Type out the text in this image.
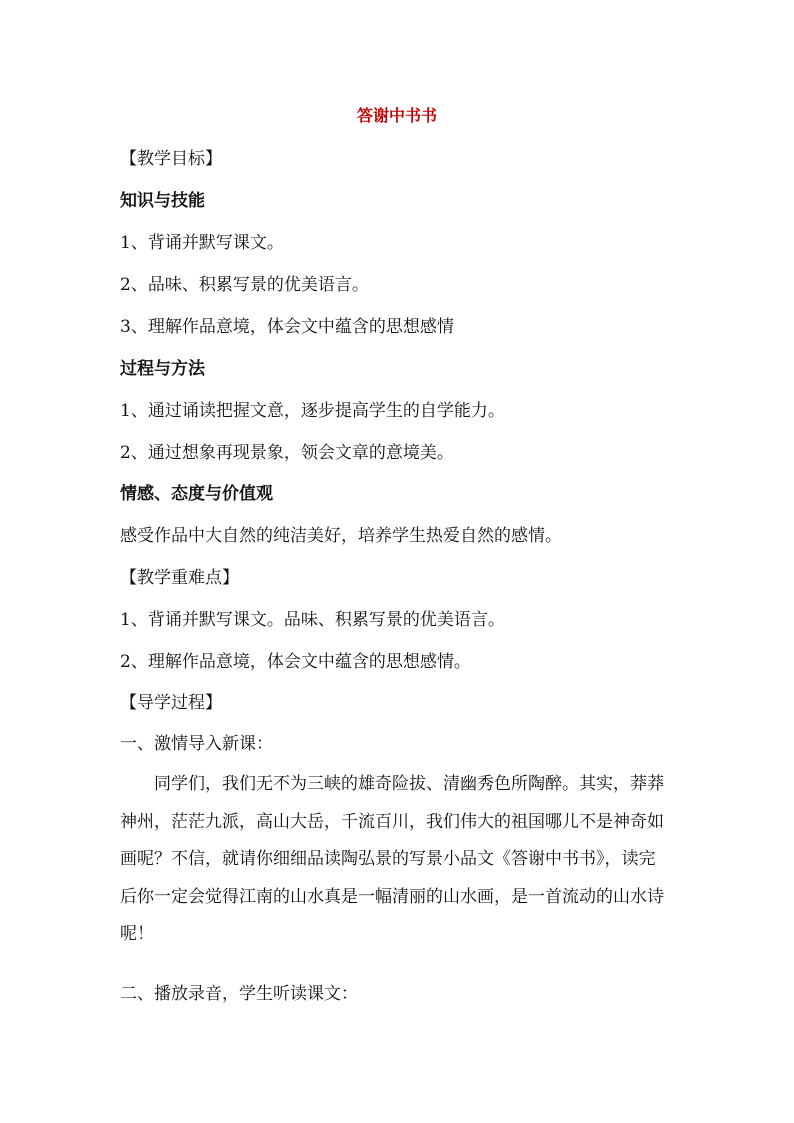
答谢中书书
【教学目标】
知识与技能
1、背诵并默写课文。
2、品味、积累写景的优美语言。
3、理解作品意境，体会文中蕴含的思想感情
过程与方法
1、通过诵读把握文意，逐步提高学生的自学能力。
2、通过想象再现景象，领会文章的意境美。
情感、态度与价值观
感受作品中大自然的纯洁美好，培养学生热爱自然的感情。
【教学重难点】
1、背诵并默写课文。品味、积累写景的优美语言。
2、理解作品意境，体会文中蕴含的思想感情。
【导学过程】
一、激情导入新课：
同学们，我们无不为三峡的雄奇险拔、清幽秀色所陶醉。其实，莽莽神州，茫茫九派，高山大岳，千流百川，我们伟大的祖国哪儿不是神奇如画呢？不信，就请你细细品读陶弘景的写景小品文《答谢中书书》，读完后你一定会觉得江南的山水真是一幅清丽的山水画，是一首流动的山水诗呢！
二、播放录音，学生听读课文：
